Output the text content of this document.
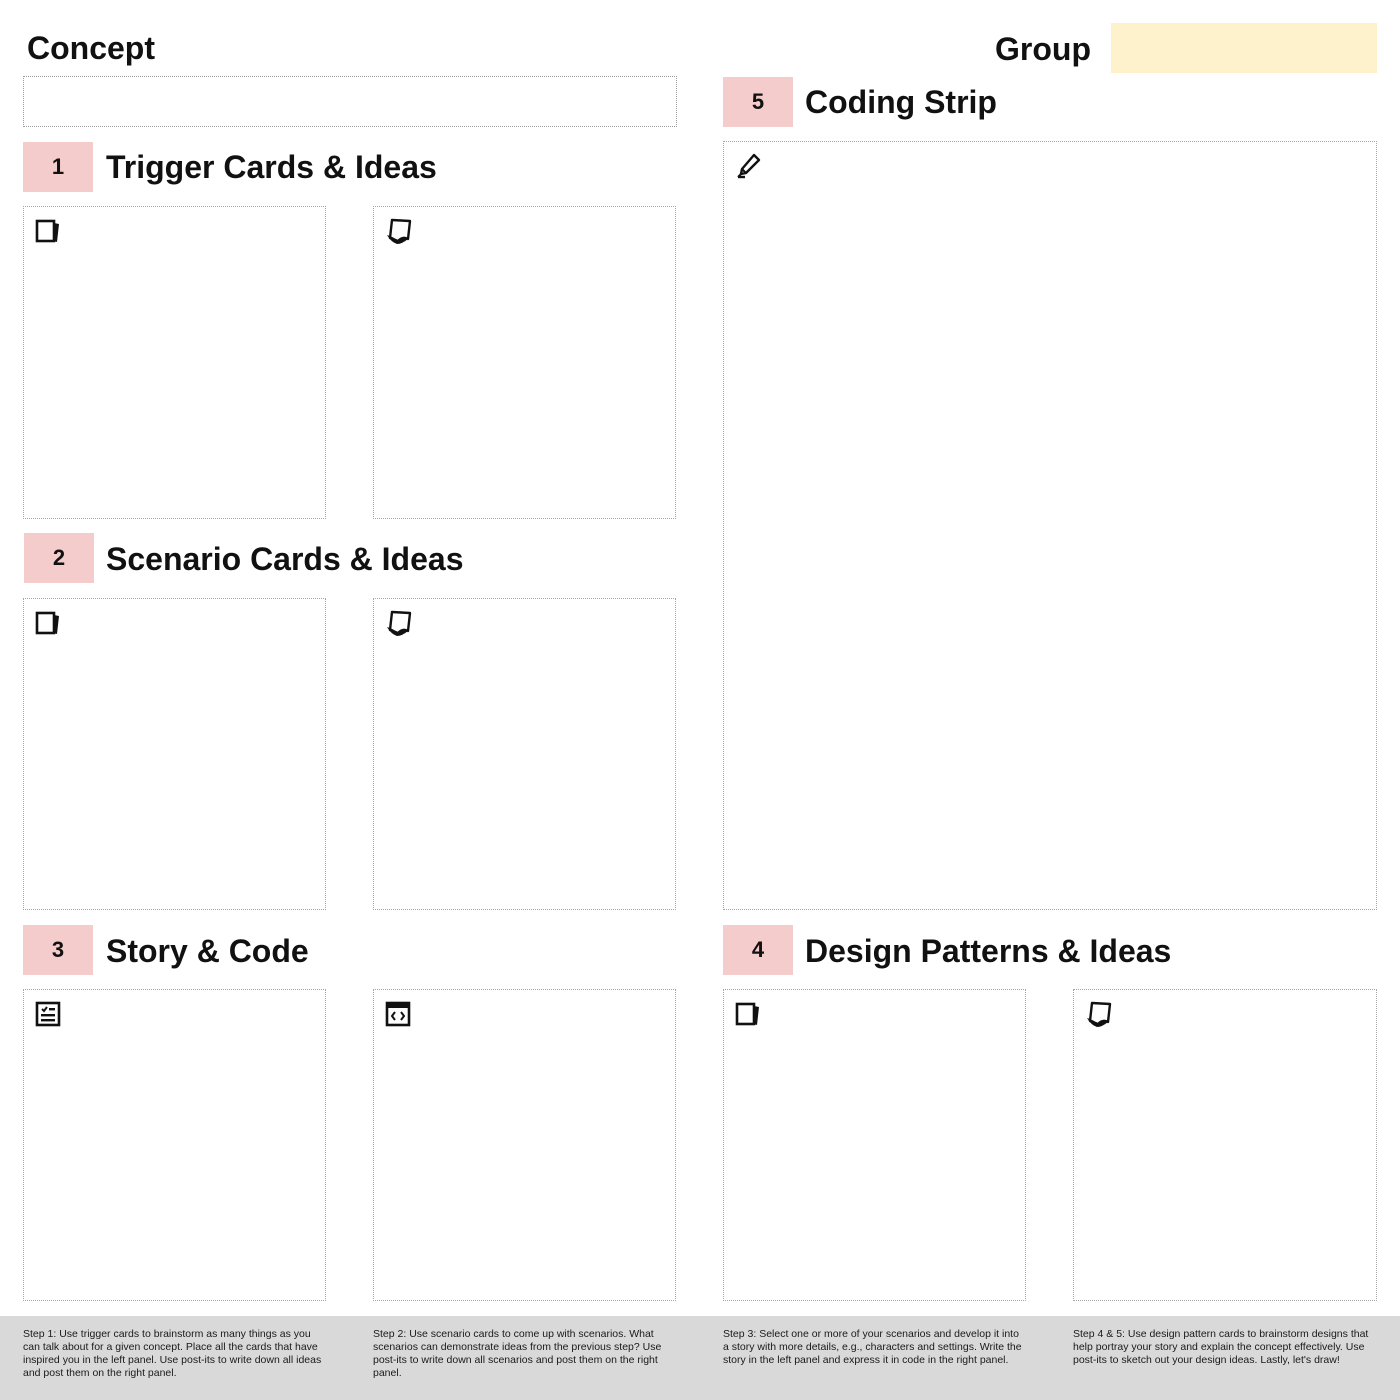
Concept	Group
1	Trigger Cards & Ideas
2	Scenario Cards & Ideas
3	Story & Code
5	Coding Strip
4	Design Patterns & Ideas
Step 1: Use trigger cards to brainstorm as many things as you can talk about for a given concept. Place all the cards that have inspired you in the left panel. Use post-its to write down all ideas and post them on the right panel.
Step 2: Use scenario cards to come up with scenarios. What scenarios can demonstrate ideas from the previous step? Use post-its to write down all scenarios and post them on the right panel.
Step 3: Select one or more of your scenarios and develop it into a story with more details, e.g., characters and settings. Write the story in the left panel and express it in code in the right panel.
Step 4 & 5: Use design pattern cards to brainstorm designs that help portray your story and explain the concept effectively. Use post-its to sketch out your design ideas. Lastly, let's draw!
